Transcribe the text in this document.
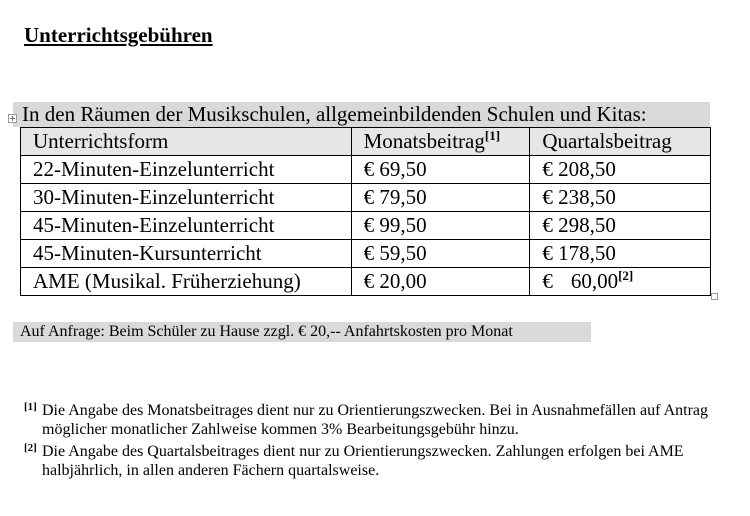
Unterrichtsgebühren
In den Räumen der Musikschulen, allgemeinbildenden Schulen und Kitas:
Unterrichtsform	Monatsbeitrag[1]	Quartalsbeitrag
22-Minuten-Einzelunterricht	€ 69,50	€ 208,50
30-Minuten-Einzelunterricht	€ 79,50	€ 238,50
45-Minuten-Einzelunterricht	€ 99,50	€ 298,50
45-Minuten-Kursunterricht	€ 59,50	€ 178,50
AME (Musikal. Früherziehung)	€ 20,00	€ 60,00[2]
Auf Anfrage: Beim Schüler zu Hause zzgl. € 20,-- Anfahrtskosten pro Monat

[1] Die Angabe des Monatsbeitrages dient nur zu Orientierungszwecken. Bei in Ausnahmefällen auf Antrag möglicher monatlicher Zahlweise kommen 3% Bearbeitungsgebühr hinzu.

[2] Die Angabe des Quartalsbeitrages dient nur zu Orientierungszwecken. Zahlungen erfolgen bei AME halbjährlich, in allen anderen Fächern quartalsweise.
